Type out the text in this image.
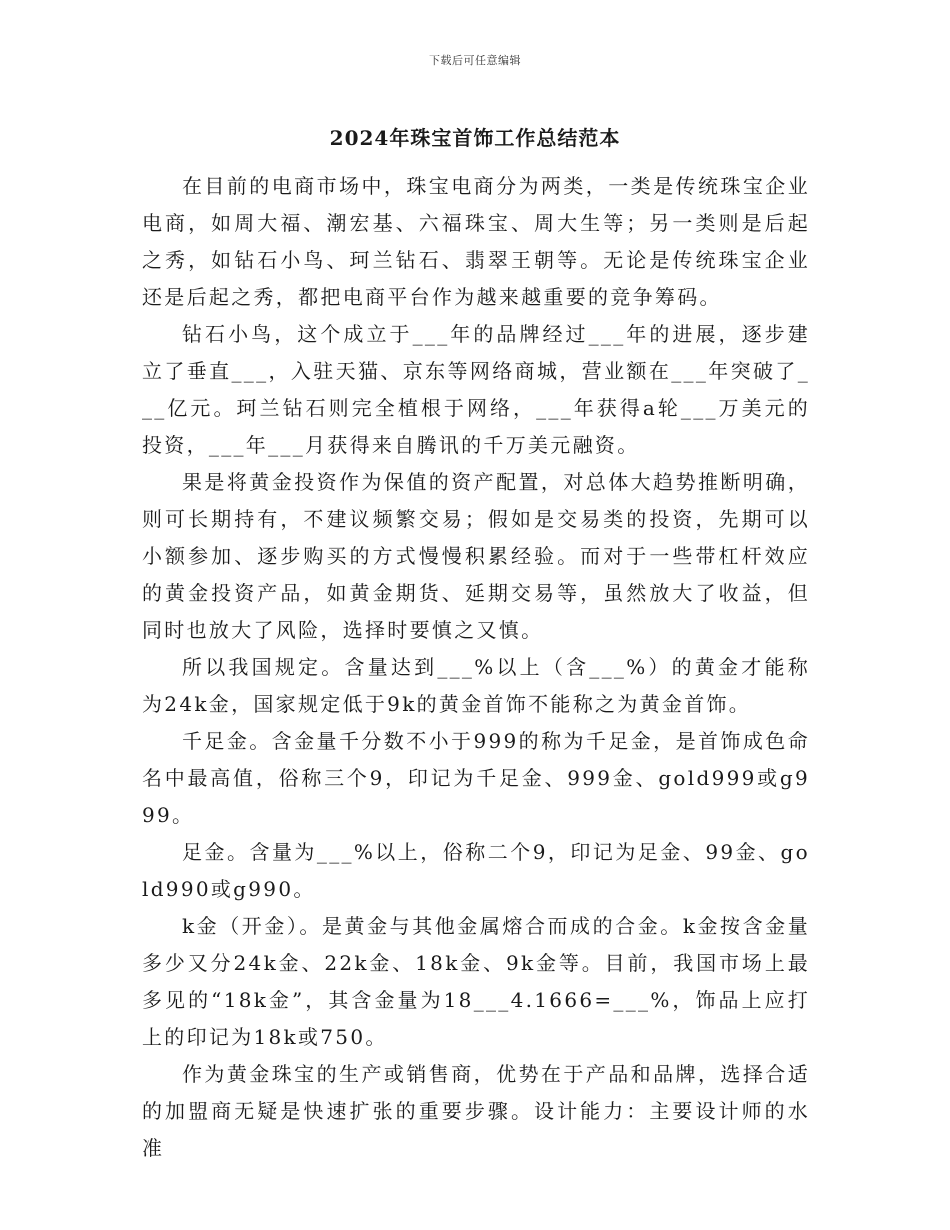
下载后可任意编辑
2024年珠宝首饰工作总结范本

在目前的电商市场中，珠宝电商分为两类，一类是传统珠宝企业电商，如周大福、潮宏基、六福珠宝、周大生等；另一类则是后起之秀，如钻石小鸟、珂兰钻石、翡翠王朝等。无论是传统珠宝企业还是后起之秀，都把电商平台作为越来越重要的竞争筹码。

钻石小鸟，这个成立于___年的品牌经过___年的进展，逐步建立了垂直___，入驻天猫、京东等网络商城，营业额在___年突破了___亿元。珂兰钻石则完全植根于网络，___年获得a轮___万美元的投资，___年___月获得来自腾讯的千万美元融资。

果是将黄金投资作为保值的资产配置，对总体大趋势推断明确，则可长期持有，不建议频繁交易；假如是交易类的投资，先期可以小额参加、逐步购买的方式慢慢积累经验。而对于一些带杠杆效应的黄金投资产品，如黄金期货、延期交易等，虽然放大了收益，但同时也放大了风险，选择时要慎之又慎。

所以我国规定。含量达到___%以上（含___%）的黄金才能称为24k金，国家规定低于9k的黄金首饰不能称之为黄金首饰。

千足金。含金量千分数不小于999的称为千足金，是首饰成色命名中最高值，俗称三个9，印记为千足金、999金、gold999或g999。

足金。含量为___%以上，俗称二个9，印记为足金、99金、gold990或g990。

k金（开金）。是黄金与其他金属熔合而成的合金。k金按含金量多少又分24k金、22k金、18k金、9k金等。目前，我国市场上最多见的“18k金”，其含金量为18___4.1666=___%，饰品上应打上的印记为18k或750。

作为黄金珠宝的生产或销售商，优势在于产品和品牌，选择合适的加盟商无疑是快速扩张的重要步骤。设计能力：主要设计师的水准
